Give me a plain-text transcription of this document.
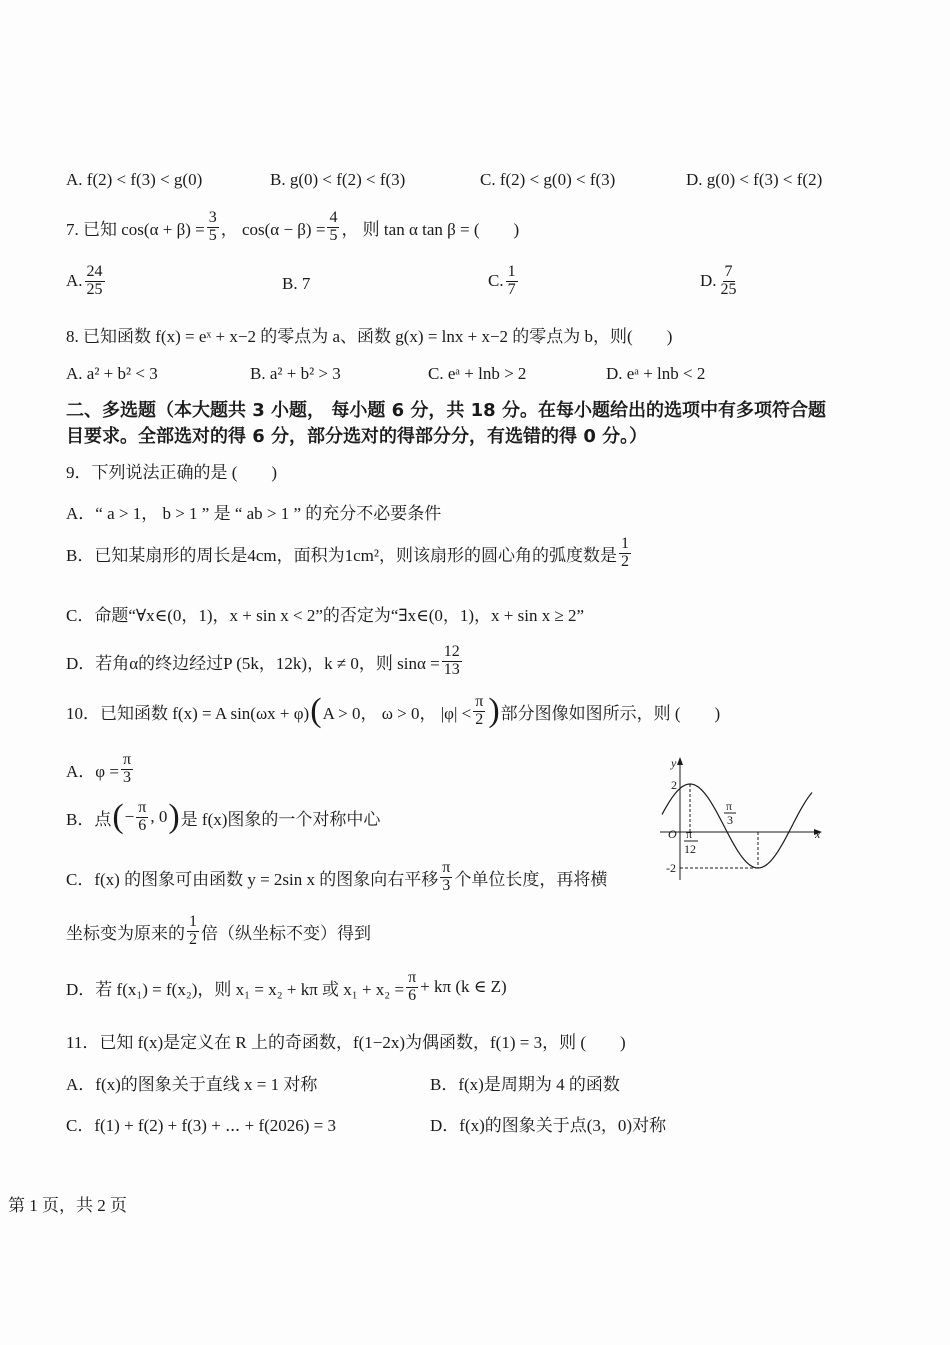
A. f(2) < f(3) < g(0)	B. g(0) < f(2) < f(3)	C. f(2) < g(0) < f(3)	D. g(0) < f(3) < f(2)
7. 已知 $\cos(\alpha + \beta) = \frac{3}{5}$ ， $\cos(\alpha - \beta) = \frac{4}{5}$ ， 则 tan α tan β = (　　)
A. $\frac{24}{25}$	B. 7	C. $\frac{1}{7}$	D. $\frac{7}{25}$
8. 已知函数 f(x) = eˣ + x−2 的零点为 a、函数 g(x) = lnx + x−2 的零点为 b，则(　　)
A. a² + b² < 3	B. a² + b² > 3	C. eᵃ + lnb > 2	D. eᵃ + lnb < 2
二、多选题（本大题共 3 小题， 每小题 6 分，共 18 分。在每小题给出的选项中有多项符合题
目要求。全部选对的得 6 分，部分选对的得部分分，有选错的得 0 分。）
9．下列说法正确的是 (　　)
A．“ a > 1， b > 1 ” 是 “ ab > 1 ” 的充分不必要条件
B．已知某扇形的周长是4cm，面积为1cm²，则该扇形的圆心角的弧度数是 $\frac{1}{2}$
C．命题“∀x∈(0，1)，x + sin x < 2”的否定为“∃x∈(0，1)，x + sin x ≥ 2”
D．若角α的终边经过P (5k，12k)，k ≠ 0，则 $\sin\alpha = \frac{12}{13}$
10．已知函数 f(x) = A sin(ωx + φ) ( A > 0， ω > 0， $|\varphi| < \frac{\pi}{2}$ ) 部分图像如图所示，则 (　　)
A．$\varphi = \frac{\pi}{3}$
B．点 ( − $\frac{\pi}{6}$ , 0 ) 是 f(x)图象的一个对称中心
C．f(x) 的图象可由函数 y = 2sin x 的图象向右平移 $\frac{\pi}{3}$ 个单位长度，再将横
坐标变为原来的 $\frac{1}{2}$ 倍（纵坐标不变）得到
D．若 f(x₁) = f(x₂)，则 x₁ = x₂ + kπ 或 $x_1 + x_2 = \frac{\pi}{6} + k\pi$ (k ∈ Z)
y
x
O
2
-2
π
12
π
3
11．已知 f(x)是定义在 R 上的奇函数，f(1−2x)为偶函数，f(1) = 3，则 (　　)
A．f(x)的图象关于直线 x = 1 对称	B．f(x)是周期为 4 的函数
C．f(1) + f(2) + f(3) + ⋯ + f(2026) = 3	D．f(x)的图象关于点(3，0)对称
第 1 页，共 2 页
